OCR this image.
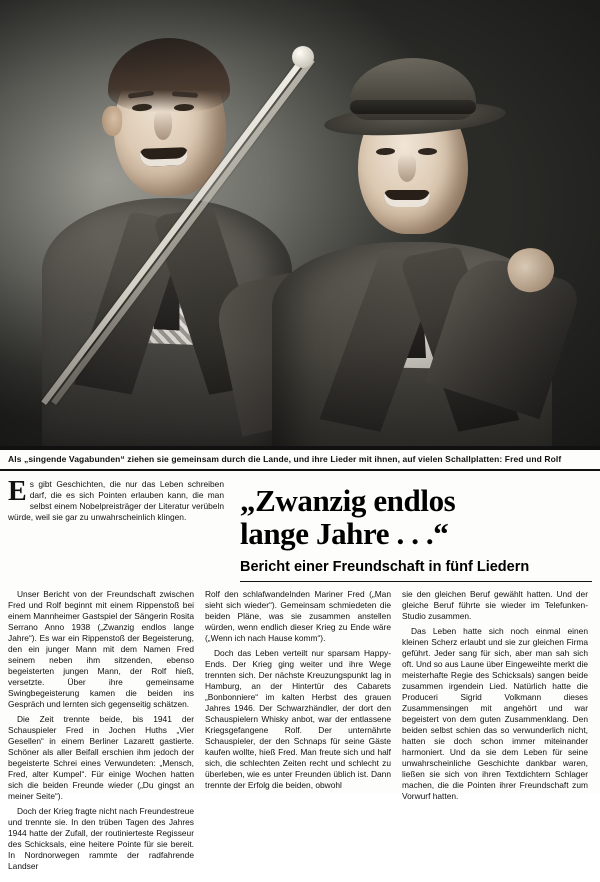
Als „singende Vagabunden“ ziehen sie gemeinsam durch die Lande, und ihre Lieder mit ihnen, auf vielen Schallplatten: Fred und Rolf

Es gibt Geschichten, die nur das Leben schreiben darf, die es sich Pointen erlauben kann, die man selbst einem Nobelpreisträger der Literatur verübeln würde, weil sie gar zu unwahrscheinlich klingen.	„Zwanzig endlos
lange Jahre . . .“
Bericht einer Freundschaft in fünf Liedern

Unser Bericht von der Freundschaft zwischen Fred und Rolf beginnt mit einem Rippenstoß bei einem Mannheimer Gastspiel der Sängerin Rosita Serrano Anno 1938 („Zwanzig endlos lange Jahre“). Es war ein Rippenstoß der Begeisterung, den ein junger Mann mit dem Namen Fred seinem neben ihm sitzenden, ebenso begeisterten jungen Mann, der Rolf hieß, versetzte. Über ihre gemeinsame Swingbegeisterung kamen die beiden ins Gespräch und lernten sich gegenseitig schätzen.

Die Zeit trennte beide, bis 1941 der Schauspieler Fred in Jochen Huths „Vier Gesellen“ in einem Berliner Lazarett gastierte. Schöner als aller Beifall erschien ihm jedoch der begeisterte Schrei eines Verwundeten: „Mensch, Fred, alter Kumpel“. Für einige Wochen hatten sich die beiden Freunde wieder („Du gingst an meiner Seite“).

Doch der Krieg fragte nicht nach Freundestreue und trennte sie. In den trüben Tagen des Jahres 1944 hatte der Zufall, der routinierteste Regisseur des Schicksals, eine heitere Pointe für sie bereit. In Nordnorwegen rammte der radfahrende Landser

Rolf den schlafwandelnden Mariner Fred („Man sieht sich wieder“). Gemeinsam schmiedeten die beiden Pläne, was sie zusammen anstellen würden, wenn endlich dieser Krieg zu Ende wäre („Wenn ich nach Hause komm“).

Doch das Leben verteilt nur sparsam Happy-Ends. Der Krieg ging weiter und ihre Wege trennten sich. Der nächste Kreuzungspunkt lag in Hamburg, an der Hintertür des Cabarets „Bonbonniere“ im kalten Herbst des grauen Jahres 1946. Der Schwarzhändler, der dort den Schauspielern Whisky anbot, war der entlassene Kriegsgefangene Rolf. Der unternährte Schauspieler, der den Schnaps für seine Gäste kaufen wollte, hieß Fred. Man freute sich und half sich, die schlechten Zeiten recht und schlecht zu überleben, wie es unter Freunden üblich ist. Dann trennte der Erfolg die beiden, obwohl

sie den gleichen Beruf gewählt hatten. Und der gleiche Beruf führte sie wieder im Telefunken-Studio zusammen.

Das Leben hatte sich noch einmal einen kleinen Scherz erlaubt und sie zur gleichen Firma geführt. Jeder sang für sich, aber man sah sich oft. Und so aus Laune über Eingeweihte merkt die meisterhafte Regie des Schicksals) sangen beide zusammen irgendein Lied. Natürlich hatte die Produceri Sigrid Volkmann dieses Zusammensingen mit angehört und war begeistert von dem guten Zusammenklang. Den beiden selbst schien das so verwunderlich nicht, hatten sie doch schon immer miteinander harmoniert. Und da sie dem Leben für seine unwahrscheinliche Geschichte dankbar waren, ließen sie sich von ihren Textdichtern Schlager machen, die die Pointen ihrer Freundschaft zum Vorwurf hatten.
